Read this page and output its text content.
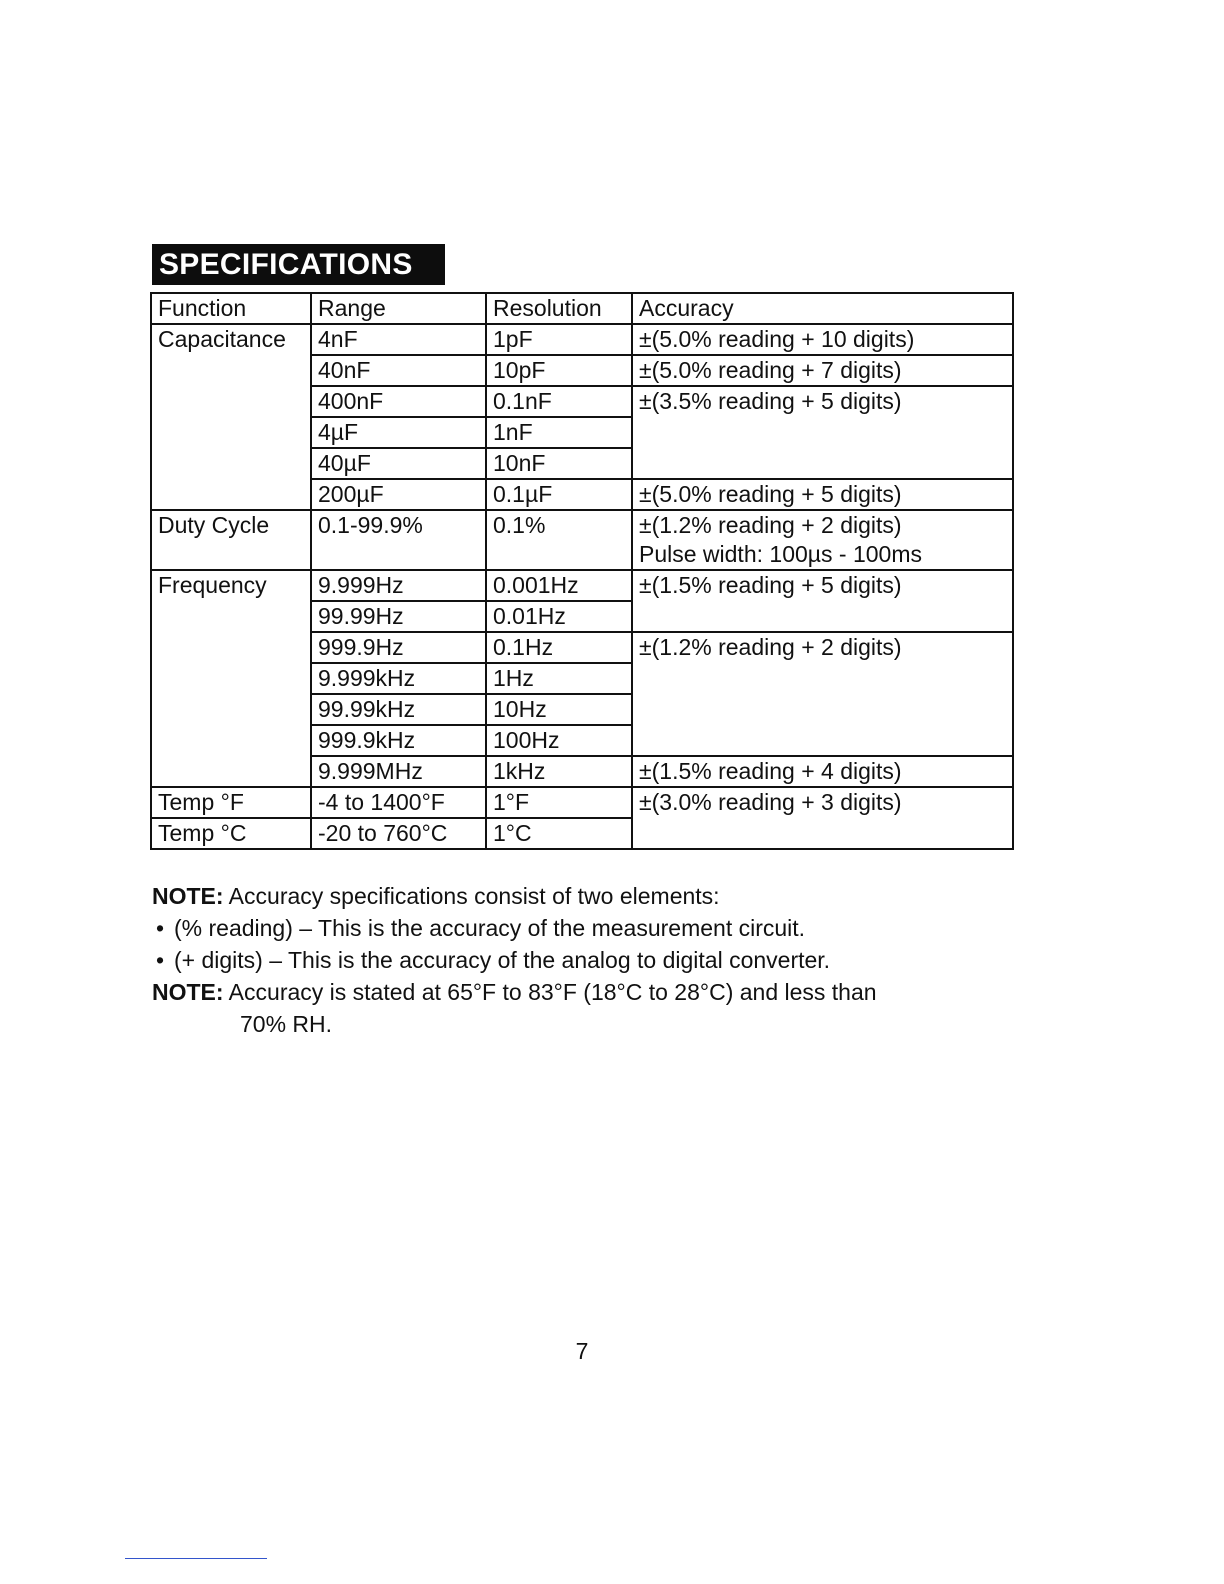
SPECIFICATIONS
Function	Range	Resolution	Accuracy
Capacitance	4nF	1pF	±(5.0% reading + 10 digits)
	40nF	10pF	±(5.0% reading + 7 digits)
	400nF	0.1nF	±(3.5% reading + 5 digits)
	4µF	1nF	
	40µF	10nF	
	200µF	0.1µF	±(5.0% reading + 5 digits)
Duty Cycle	0.1-99.9%	0.1%	±(1.2% reading + 2 digits)
Pulse width: 100µs - 100ms

Frequency	9.999Hz	0.001Hz	±(1.5% reading + 5 digits)
	99.99Hz	0.01Hz	
	999.9Hz	0.1Hz	±(1.2% reading + 2 digits)
	9.999kHz	1Hz	
	99.99kHz	10Hz	
	999.9kHz	100Hz	
	9.999MHz	1kHz	±(1.5% reading + 4 digits)
Temp °F	-4 to 1400°F	1°F	±(3.0% reading + 3 digits)
Temp °C	-20 to 760°C	1°C	
NOTE: Accuracy specifications consist of two elements:
• (% reading) – This is the accuracy of the measurement circuit.
• (+ digits) – This is the accuracy of the analog to digital converter.
NOTE: Accuracy is stated at 65°F to 83°F (18°C to 28°C) and less than
70% RH.
7
